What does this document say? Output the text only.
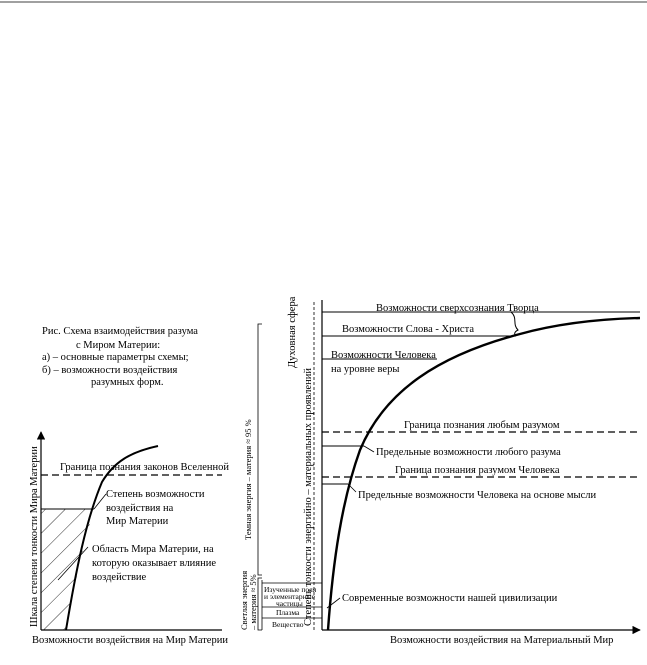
Рис. Схема взаимодействия разума
с Миром Материи:
а) – основные параметры схемы;
б) – возможности воздействия
разумных форм.
Граница познания законов Вселенной
Степень возможности
воздействия на
Мир Материи
Область Мира Материи, на
которую оказывает влияние
воздействие
Возможности воздействия на Мир Материи
Шкала степени тонкости Мира Материи	Изученные поля
и элементарные
частицы
Плазма
Вещество
Возможности сверхсознания Творца
Возможности Слова - Христа
Возможности Человека
на уровне веры
Граница познания любым разумом
Предельные возможности любого разума
Граница познания разумом Человека
Предельные возможности Человека на основе мысли
Современные возможности нашей цивилизации
Возможности воздействия на Материальный Мир
Степень тонкости энергийно – материальных проявлений
Духовная сфера
Темная энергия – материя ≈ 95 %
Светлая энергия – материя ≈ 5%
